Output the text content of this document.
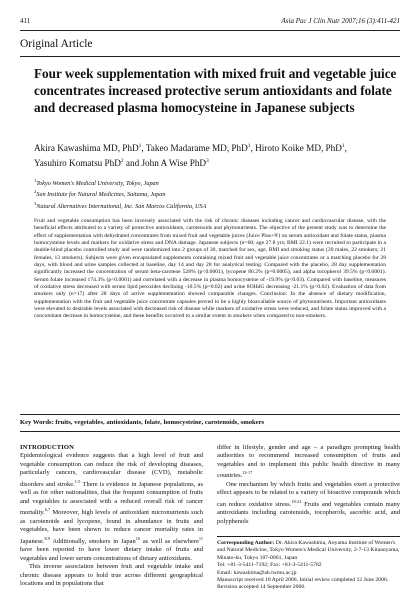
411	Asia Pac J Clin Nutr 2007;16 (3):411-421
Original Article
Four week supplementation with mixed fruit and vegetable juice concentrates increased protective serum antioxidants and folate and decreased plasma homocysteine in Japanese subjects
Akira Kawashima MD, PhD$^1$, Takeo Madarame MD, PhD$^1$, Hiroto Koike MD, PhD$^1$,
Yasuhiro Komatsu PhD$^2$ and John A Wise PhD$^3$
$^1$Tokyo Women's Medical University, Tokyo, Japan
$^2$Sun Institute for Natural Medicines, Saitama, Japan
$^3$Natural Alternatives International, Inc. San Marcos California, USA

Fruit and vegetable consumption has been inversely associated with the risk of chronic diseases including cancer and cardiovascular disease, with the beneficial effects attributed to a variety of protective antioxidants, carotenoids and phytonutrients. The objective of the present study was to determine the effect of supplementation with dehydrated concentrates from mixed fruit and vegetable juices (Juice Plus+®) on serum antioxidant and folate status, plasma homocysteine levels and markers for oxidative stress and DNA damage. Japanese subjects (n=60; age 27.8 yrs; BMI 22.1) were recruited to participate in a double-blind placebo controlled study and were randomized into 2 groups of 30, matched for sex, age, BMI and smoking status (39 males, 22 smokers; 21 females, 13 smokers). Subjects were given encapsulated supplements containing mixed fruit and vegetable juice concentrates or a matching placebo for 28 days, with blood and urine samples collected at baseline, day 14 and day 28 for analytical testing. Compared with the placebo, 28 day supplementation significantly increased the concentration of serum beta-carotene 528% (p<0.0001), lycopene 80.2% (p=0.0005), and alpha tocopherol 39.5% (p<0.0001). Serum folate increased 174.3% (p<0.0001) and correlated with a decrease in plasma homocysteine of -19.9% (p<0.03). Compared with baseline, measures of oxidative stress decreased with serum lipid peroxides declining -10.5% (p=0.02) and urine 8OHdG decreasing -21.1% (p<0.02). Evaluation of data from smokers only (n=17) after 28 days of active supplementation showed comparable changes. Conclusion: In the absence of dietary modification, supplementation with the fruit and vegetable juice concentrate capsules proved to be a highly bioavailable source of phytonutrients. Important antioxidants were elevated to desirable levels associated with decreased risk of disease while markers of oxidative stress were reduced, and folate status improved with a concomitant decrease in homocysteine, and these benefits occurred to a similar extent in smokers when compared to non-smokers.

Key Words: fruits, vegetables, antioxidants, folate, homocysteine, carotenoids, smokers
INTRODUCTION

Epidemiological evidence suggests that a high level of fruit and vegetable consumption can reduce the risk of developing diseases, particularly cancers, cardiovascular disease (CVD), metabolic disorders and stroke.$^{1-5}$ There is evidence in Japanese populations, as well as for other nationalities, that the frequent consumption of fruits and vegetables is associated with a reduced overall risk of cancer mortality.$^{6,7}$ Moreover, high levels of antioxidant micronutrients such as carotenoids and lycopene, found in abundance in fruits and vegetables, have been shown to reduce cancer mortality rates in Japanese.$^{8,9}$ Additionally, smokers in Japan$^{10}$ as well as elsewhere$^{11}$ have been reported to have lower dietary intake of fruits and vegetables and lower serum concentrations of dietary antioxidants.

This inverse association between fruit and vegetable intake and chronic disease appears to hold true across different geographical locations and in populations that

differ in lifestyle, gender and age – a paradigm prompting health authorities to recommend increased consumption of fruits and vegetables and to implement this public health directive in many countries.$^{12-17}$

One mechanism by which fruits and vegetables exert a protective effect appears to be related to a variety of bioactive compounds which can reduce oxidative stress.$^{18-22}$ Fruits and vegetables contain many antioxidants including carotenoids, tocopherols, ascorbic acid, and polyphenols

Corresponding Author: Dr. Akira Kawashima, Aoyama Institute of Women's and Natural Medicine, Tokyo Women's Medical University, 2-7-13 Kitaaoyama, Minato-ku, Tokyo 107-0061, Japan
Tel: +81-3-5411-7192; Fax: +81-3-5411-5782
Email: kawashima@ah.twmu.ac.jp
Manuscript received 18 April 2006. Initial review completed 12 June 2006. Revision accepted 14 September 2006.
